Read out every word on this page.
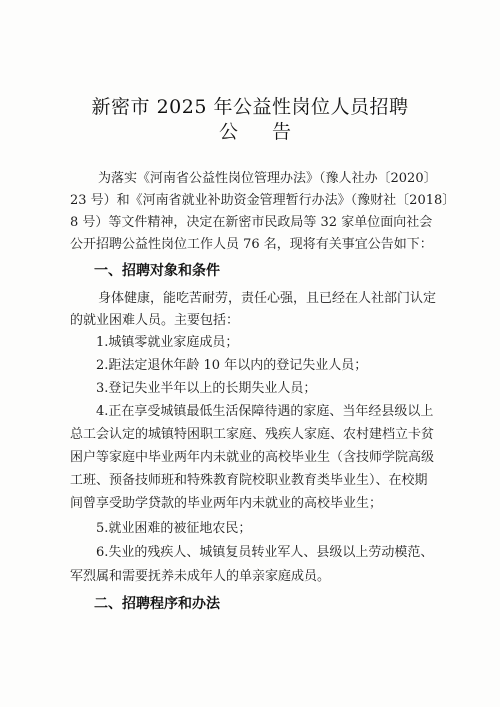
新密市 2025 年公益性岗位人员招聘
公 告
为落实《河南省公益性岗位管理办法》（豫人社办〔2020〕
23 号）和《河南省就业补助资金管理暂行办法》（豫财社〔2018〕
8 号）等文件精神，决定在新密市民政局等 32 家单位面向社会
公开招聘公益性岗位工作人员 76 名，现将有关事宜公告如下：
一、招聘对象和条件
身体健康，能吃苦耐劳，责任心强，且已经在人社部门认定
的就业困难人员。主要包括：
1.城镇零就业家庭成员；
2.距法定退休年龄 10 年以内的登记失业人员；
3.登记失业半年以上的长期失业人员；
4.正在享受城镇最低生活保障待遇的家庭、当年经县级以上
总工会认定的城镇特困职工家庭、残疾人家庭、农村建档立卡贫
困户等家庭中毕业两年内未就业的高校毕业生（含技师学院高级
工班、预备技师班和特殊教育院校职业教育类毕业生）、在校期
间曾享受助学贷款的毕业两年内未就业的高校毕业生；
5.就业困难的被征地农民；
6.失业的残疾人、城镇复员转业军人、县级以上劳动模范、
军烈属和需要抚养未成年人的单亲家庭成员。
二、招聘程序和办法
